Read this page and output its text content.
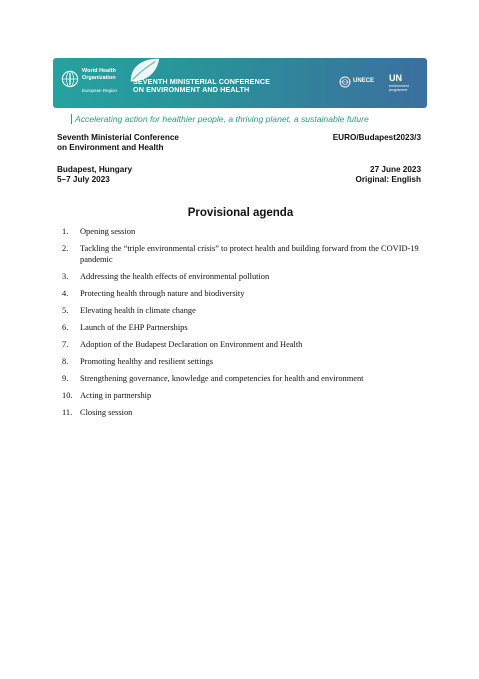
World Health
Organization
European Region
SEVENTH MINISTERIAL CONFERENCE
ON ENVIRONMENT AND HEALTH
UNECE UN
environment
programme
Accelerating action for healthier people, a thriving planet, a sustainable future
Seventh Ministerial Conference
on Environment and Health
EURO/Budapest2023/3
Budapest, Hungary
5–7 July 2023
27 June 2023
Original: English
Provisional agenda
1. Opening session
2. Tackling the “triple environmental crisis” to protect health and building forward from the COVID-19 pandemic
3. Addressing the health effects of environmental pollution
4. Protecting health through nature and biodiversity
5. Elevating health in climate change
6. Launch of the EHP Partnerships
7. Adoption of the Budapest Declaration on Environment and Health
8. Promoting healthy and resilient settings
9. Strengthening governance, knowledge and competencies for health and environment
10. Acting in partnership
11. Closing session
